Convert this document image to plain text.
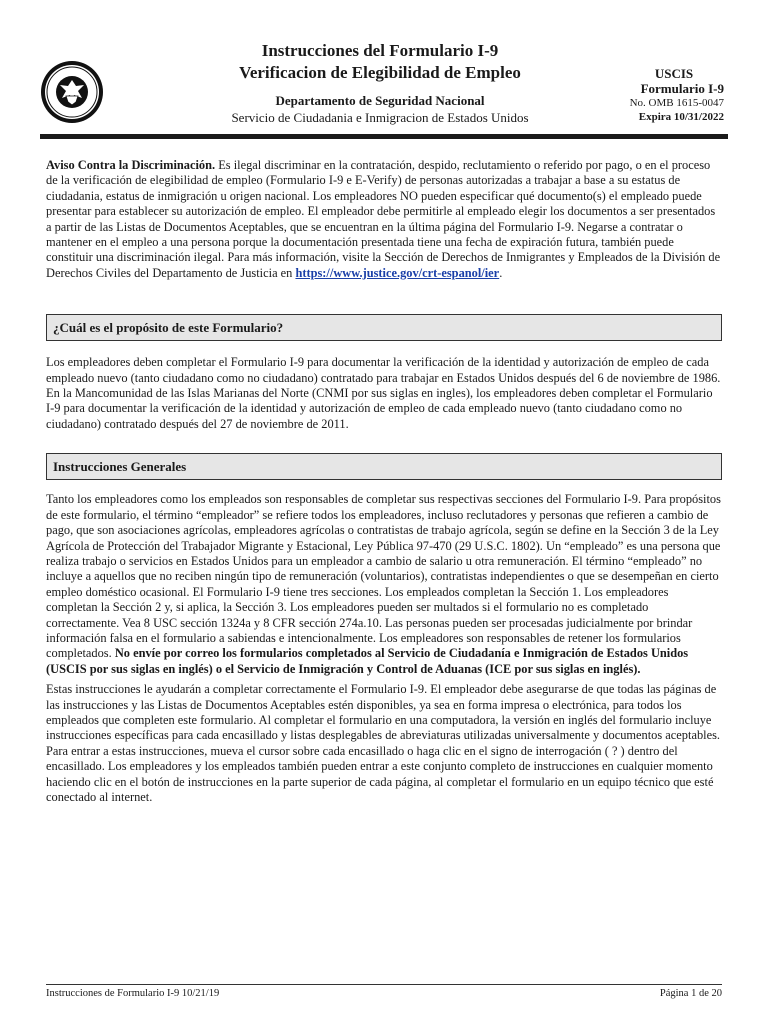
Instrucciones del Formulario I-9
Verificacion de Elegibilidad de Empleo
Departamento de Seguridad Nacional
Servicio de Ciudadania e Inmigracion de Estados Unidos
USCIS
Formulario I-9
No. OMB 1615-0047
Expira 10/31/2022

Aviso Contra la Discriminación. Es ilegal discriminar en la contratación, despido, reclutamiento o referido por pago, o en el proceso de la verificación de elegibilidad de empleo (Formulario I-9 e E-Verify) de personas autorizadas a trabajar a base a su estatus de ciudadania, estatus de inmigración u origen nacional. Los empleadores NO pueden especificar qué documento(s) el empleado puede presentar para establecer su autorización de empleo. El empleador debe permitirle al empleado elegir los documentos a ser presentados a partir de las Listas de Documentos Aceptables, que se encuentran en la última página del Formulario I-9. Negarse a contratar o mantener en el empleo a una persona porque la documentación presentada tiene una fecha de expiración futura, también puede constituir una discriminación ilegal. Para más información, visite la Sección de Derechos de Inmigrantes y Empleados de la División de Derechos Civiles del Departamento de Justicia en https://www.justice.gov/crt-espanol/ier.

¿Cuál es el propósito de este Formulario?

Los empleadores deben completar el Formulario I-9 para documentar la verificación de la identidad y autorización de empleo de cada empleado nuevo (tanto ciudadano como no ciudadano) contratado para trabajar en Estados Unidos después del 6 de noviembre de 1986. En la Mancomunidad de las Islas Marianas del Norte (CNMI por sus siglas en ingles), los empleadores deben completar el Formulario I-9 para documentar la verificación de la identidad y autorización de empleo de cada empleado nuevo (tanto ciudadano como no ciudadano) contratado después del 27 de noviembre de 2011.

Instrucciones Generales

Tanto los empleadores como los empleados son responsables de completar sus respectivas secciones del Formulario I-9. Para propósitos de este formulario, el término “empleador” se refiere todos los empleadores, incluso reclutadores y personas que refieren a cambio de pago, que son asociaciones agrícolas, empleadores agrícolas o contratistas de trabajo agrícola, según se define en la Sección 3 de la Ley Agrícola de Protección del Trabajador Migrante y Estacional, Ley Pública 97-470 (29 U.S.C. 1802). Un “empleado” es una persona que realiza trabajo o servicios en Estados Unidos para un empleador a cambio de salario u otra remuneración. El término “empleado” no incluye a aquellos que no reciben ningún tipo de remuneración (voluntarios), contratistas independientes o que se desempeñan en cierto empleo doméstico ocasional. El Formulario I-9 tiene tres secciones. Los empleados completan la Sección 1. Los empleadores completan la Sección 2 y, si aplica, la Sección 3. Los empleadores pueden ser multados si el formulario no es completado correctamente. Vea 8 USC sección 1324a y 8 CFR sección 274a.10. Las personas pueden ser procesadas judicialmente por brindar información falsa en el formulario a sabiendas e intencionalmente. Los empleadores son responsables de retener los formularios completados. No envíe por correo los formularios completados al Servicio de Ciudadanía e Inmigración de Estados Unidos (USCIS por sus siglas en inglés) o el Servicio de Inmigración y Control de Aduanas (ICE por sus siglas en inglés).

Estas instrucciones le ayudarán a completar correctamente el Formulario I-9. El empleador debe asegurarse de que todas las páginas de las instrucciones y las Listas de Documentos Aceptables estén disponibles, ya sea en forma impresa o electrónica, para todos los empleados que completen este formulario. Al completar el formulario en una computadora, la versión en inglés del formulario incluye instrucciones específicas para cada encasillado y listas desplegables de abreviaturas utilizadas universalmente y documentos aceptables. Para entrar a estas instrucciones, mueva el cursor sobre cada encasillado o haga clic en el signo de interrogación ( ? ) dentro del encasillado. Los empleadores y los empleados también pueden entrar a este conjunto completo de instrucciones en cualquier momento haciendo clic en el botón de instrucciones en la parte superior de cada página, al completar el formulario en un equipo técnico que esté conectado al internet.

Instrucciones de Formulario I-9 10/21/19	Página 1 de 20
